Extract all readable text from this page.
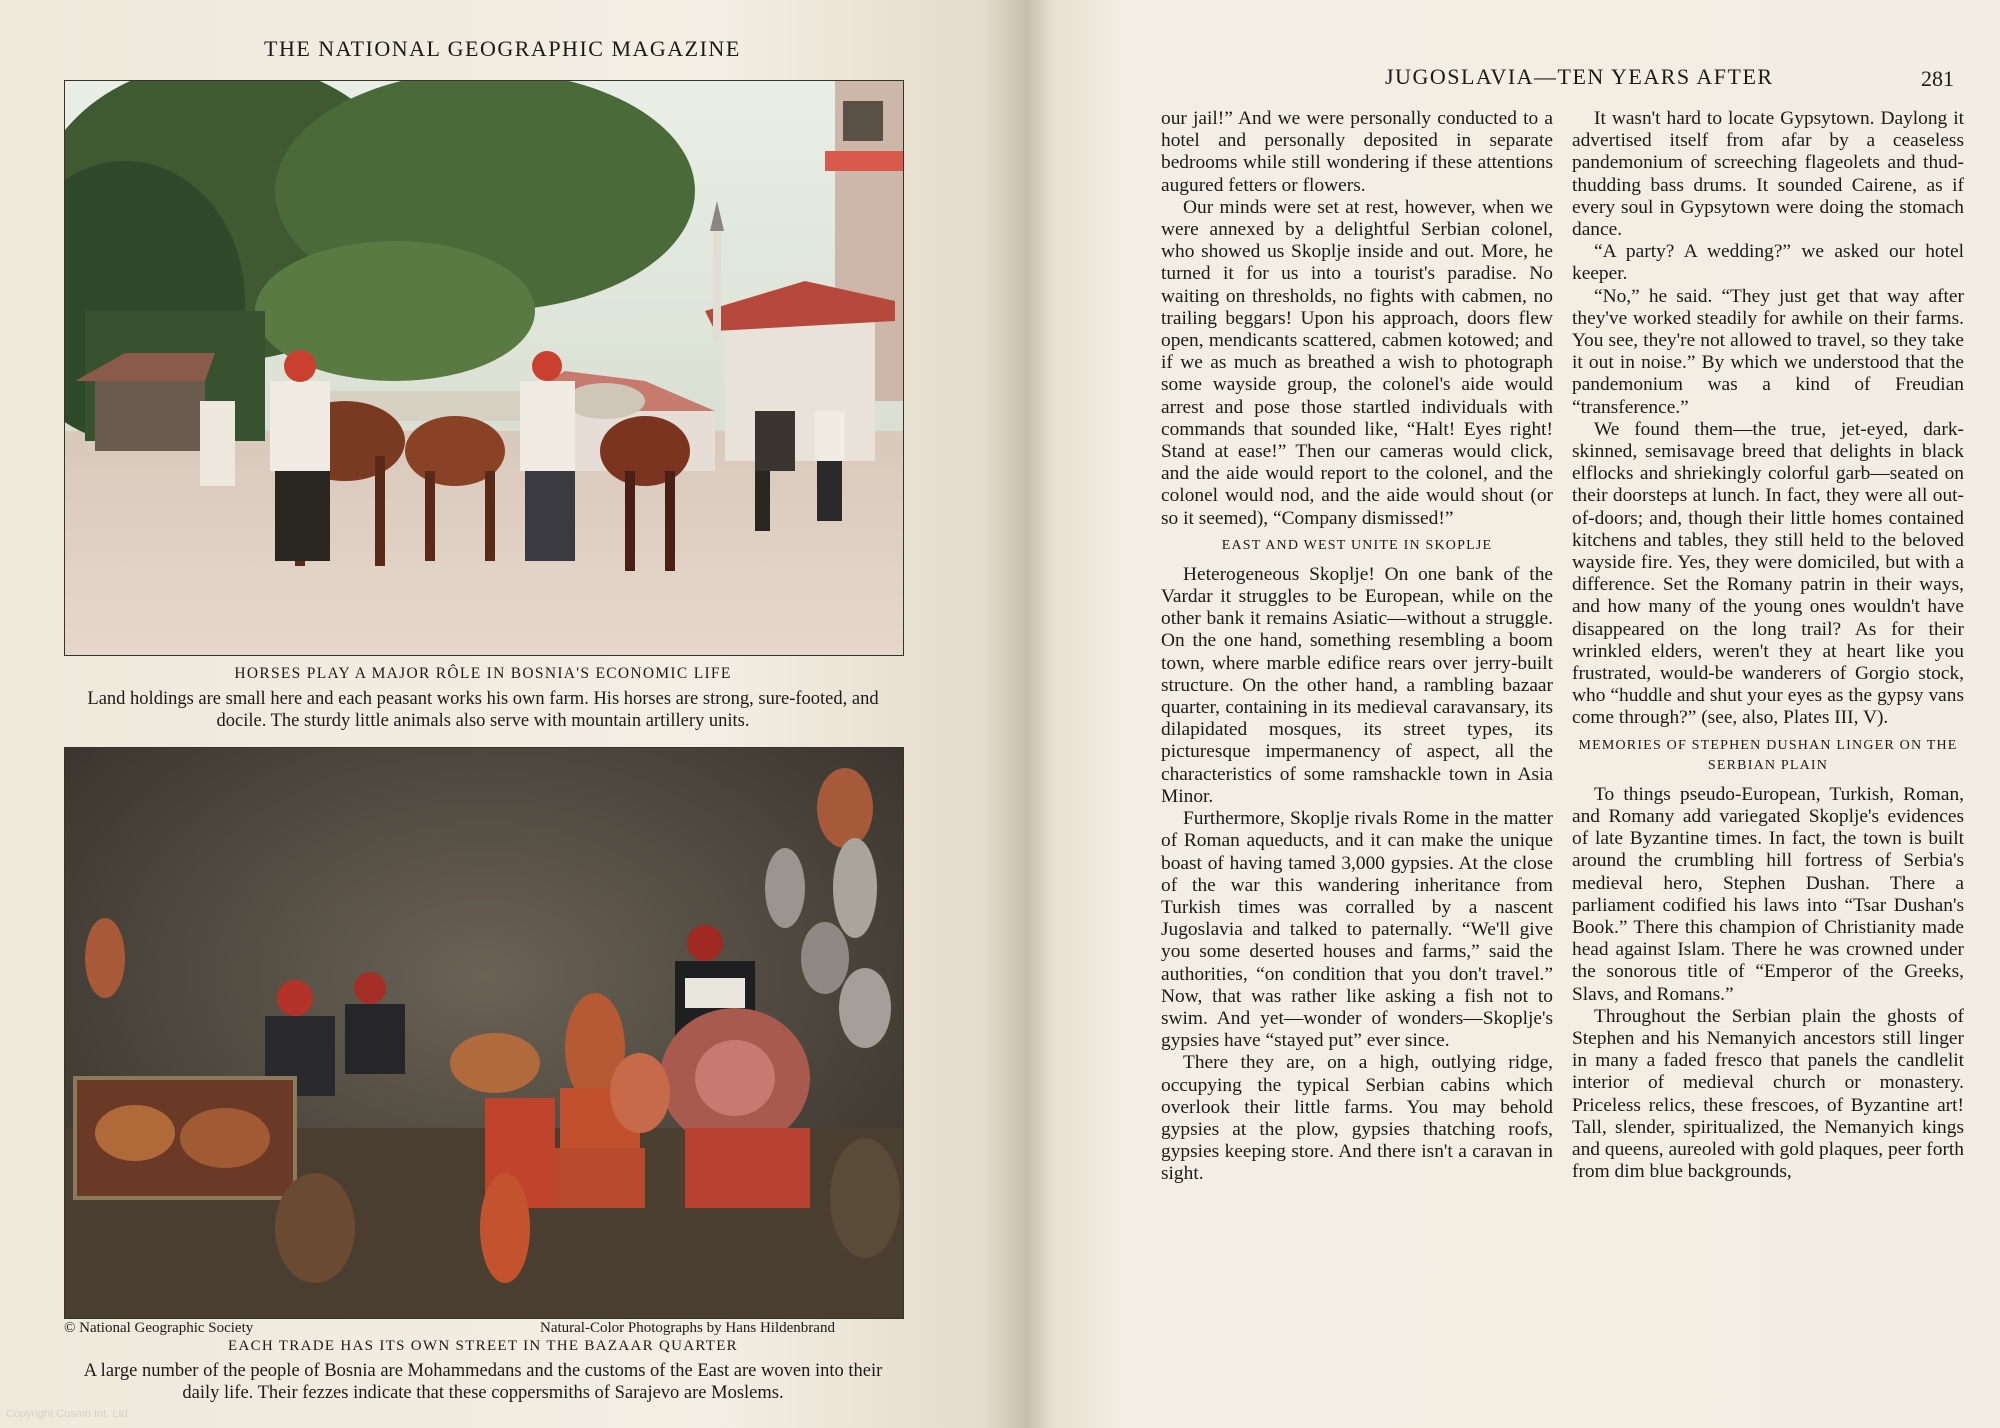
THE NATIONAL GEOGRAPHIC MAGAZINE
HORSES PLAY A MAJOR RÔLE IN BOSNIA'S ECONOMIC LIFE
Land holdings are small here and each peasant works his own farm. His horses are strong, sure-footed, and docile. The sturdy little animals also serve with mountain artillery units.
© National Geographic Society	Natural-Color Photographs by Hans Hildenbrand
EACH TRADE HAS ITS OWN STREET IN THE BAZAAR QUARTER
A large number of the people of Bosnia are Mohammedans and the customs of the East are woven into their daily life. Their fezzes indicate that these coppersmiths of Sarajevo are Moslems.
Copyright Cosmo Int. Ltd
JUGOSLAVIA—TEN YEARS AFTER	281

our jail!” And we were personally conducted to a hotel and personally deposited in separate bedrooms while still wondering if these attentions augured fetters or flowers.

Our minds were set at rest, however, when we were annexed by a delightful Serbian colonel, who showed us Skoplje inside and out. More, he turned it for us into a tourist's paradise. No waiting on thresholds, no fights with cabmen, no trailing beggars! Upon his approach, doors flew open, mendicants scattered, cabmen kotowed; and if we as much as breathed a wish to photograph some wayside group, the colonel's aide would arrest and pose those startled individuals with commands that sounded like, “Halt! Eyes right! Stand at ease!” Then our cameras would click, and the aide would report to the colonel, and the colonel would nod, and the aide would shout (or so it seemed), “Company dismissed!”

EAST AND WEST UNITE IN SKOPLJE

Heterogeneous Skoplje! On one bank of the Vardar it struggles to be European, while on the other bank it remains Asiatic—without a struggle. On the one hand, something resembling a boom town, where marble edifice rears over jerry-built structure. On the other hand, a rambling bazaar quarter, containing in its medieval caravansary, its dilapidated mosques, its street types, its picturesque impermanency of aspect, all the characteristics of some ramshackle town in Asia Minor.

Furthermore, Skoplje rivals Rome in the matter of Roman aqueducts, and it can make the unique boast of having tamed 3,000 gypsies. At the close of the war this wandering inheritance from Turkish times was corralled by a nascent Jugoslavia and talked to paternally. “We'll give you some deserted houses and farms,” said the authorities, “on condition that you don't travel.” Now, that was rather like asking a fish not to swim. And yet—wonder of wonders—Skoplje's gypsies have “stayed put” ever since.

There they are, on a high, outlying ridge, occupying the typical Serbian cabins which overlook their little farms. You may behold gypsies at the plow, gypsies thatching roofs, gypsies keeping store. And there isn't a caravan in sight.

It wasn't hard to locate Gypsytown. Daylong it advertised itself from afar by a ceaseless pandemonium of screeching flageolets and thud-thudding bass drums. It sounded Cairene, as if every soul in Gypsytown were doing the stomach dance.

“A party? A wedding?” we asked our hotel keeper.

“No,” he said. “They just get that way after they've worked steadily for awhile on their farms. You see, they're not allowed to travel, so they take it out in noise.” By which we understood that the pandemonium was a kind of Freudian “transference.”

We found them—the true, jet-eyed, dark-skinned, semisavage breed that delights in black elflocks and shriekingly colorful garb—seated on their doorsteps at lunch. In fact, they were all out-of-doors; and, though their little homes contained kitchens and tables, they still held to the beloved wayside fire. Yes, they were domiciled, but with a difference. Set the Romany patrin in their ways, and how many of the young ones wouldn't have disappeared on the long trail? As for their wrinkled elders, weren't they at heart like you frustrated, would-be wanderers of Gorgio stock, who “huddle and shut your eyes as the gypsy vans come through?” (see, also, Plates III, V).

MEMORIES OF STEPHEN DUSHAN LINGER ON THE SERBIAN PLAIN

To things pseudo-European, Turkish, Roman, and Romany add variegated Skoplje's evidences of late Byzantine times. In fact, the town is built around the crumbling hill fortress of Serbia's medieval hero, Stephen Dushan. There a parliament codified his laws into “Tsar Dushan's Book.” There this champion of Christianity made head against Islam. There he was crowned under the sonorous title of “Emperor of the Greeks, Slavs, and Romans.”

Throughout the Serbian plain the ghosts of Stephen and his Nemanyich ancestors still linger in many a faded fresco that panels the candlelit interior of medieval church or monastery. Priceless relics, these frescoes, of Byzantine art! Tall, slender, spiritualized, the Nemanyich kings and queens, aureoled with gold plaques, peer forth from dim blue backgrounds,
